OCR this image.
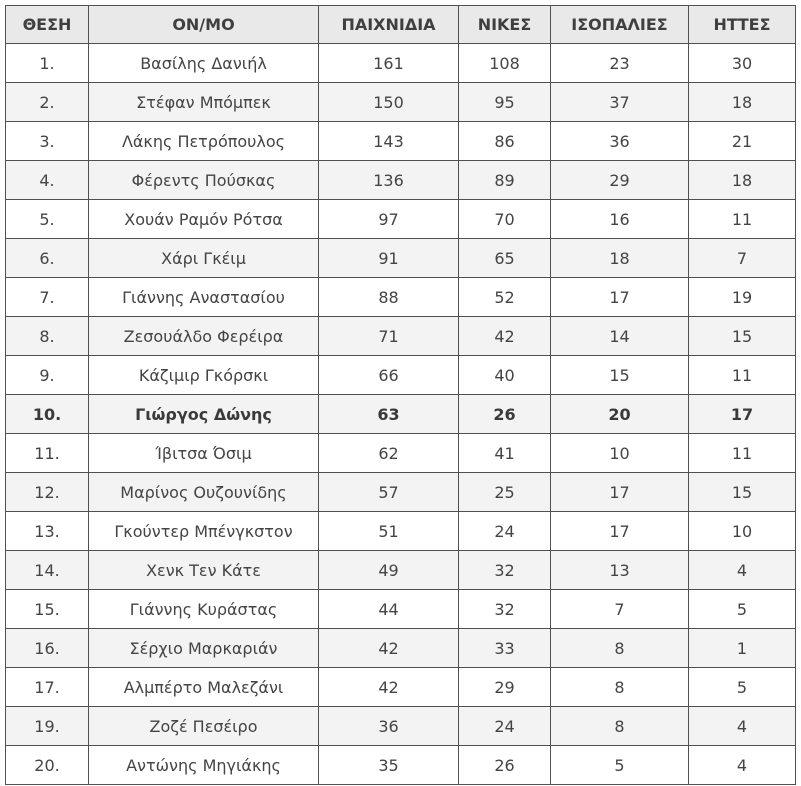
ΘΕΣΗ	ΟΝ/ΜΟ	ΠΑΙΧΝΙΔΙΑ	ΝΙΚΕΣ	ΙΣΟΠΑΛΙΕΣ	ΗΤΤΕΣ
1.	Βασίλης Δανιήλ	161	108	23	30
2.	Στέφαν Μπόμπεκ	150	95	37	18
3.	Λάκης Πετρόπουλος	143	86	36	21
4.	Φέρεντς Πούσκας	136	89	29	18
5.	Χουάν Ραμόν Ρότσα	97	70	16	11
6.	Χάρι Γκέιμ	91	65	18	7
7.	Γιάννης Αναστασίου	88	52	17	19
8.	Ζεσουάλδο Φερέιρα	71	42	14	15
9.	Κάζιμιρ Γκόρσκι	66	40	15	11
10.	Γιώργος Δώνης	63	26	20	17
11.	Ίβιτσα Όσιμ	62	41	10	11
12.	Μαρίνος Ουζουνίδης	57	25	17	15
13.	Γκούντερ Μπένγκστον	51	24	17	10
14.	Χενκ Τεν Κάτε	49	32	13	4
15.	Γιάννης Κυράστας	44	32	7	5
16.	Σέρχιο Μαρκαριάν	42	33	8	1
17.	Αλμπέρτο Μαλεζάνι	42	29	8	5
19.	Ζοζέ Πεσέιρο	36	24	8	4
20.	Αντώνης Μηγιάκης	35	26	5	4
